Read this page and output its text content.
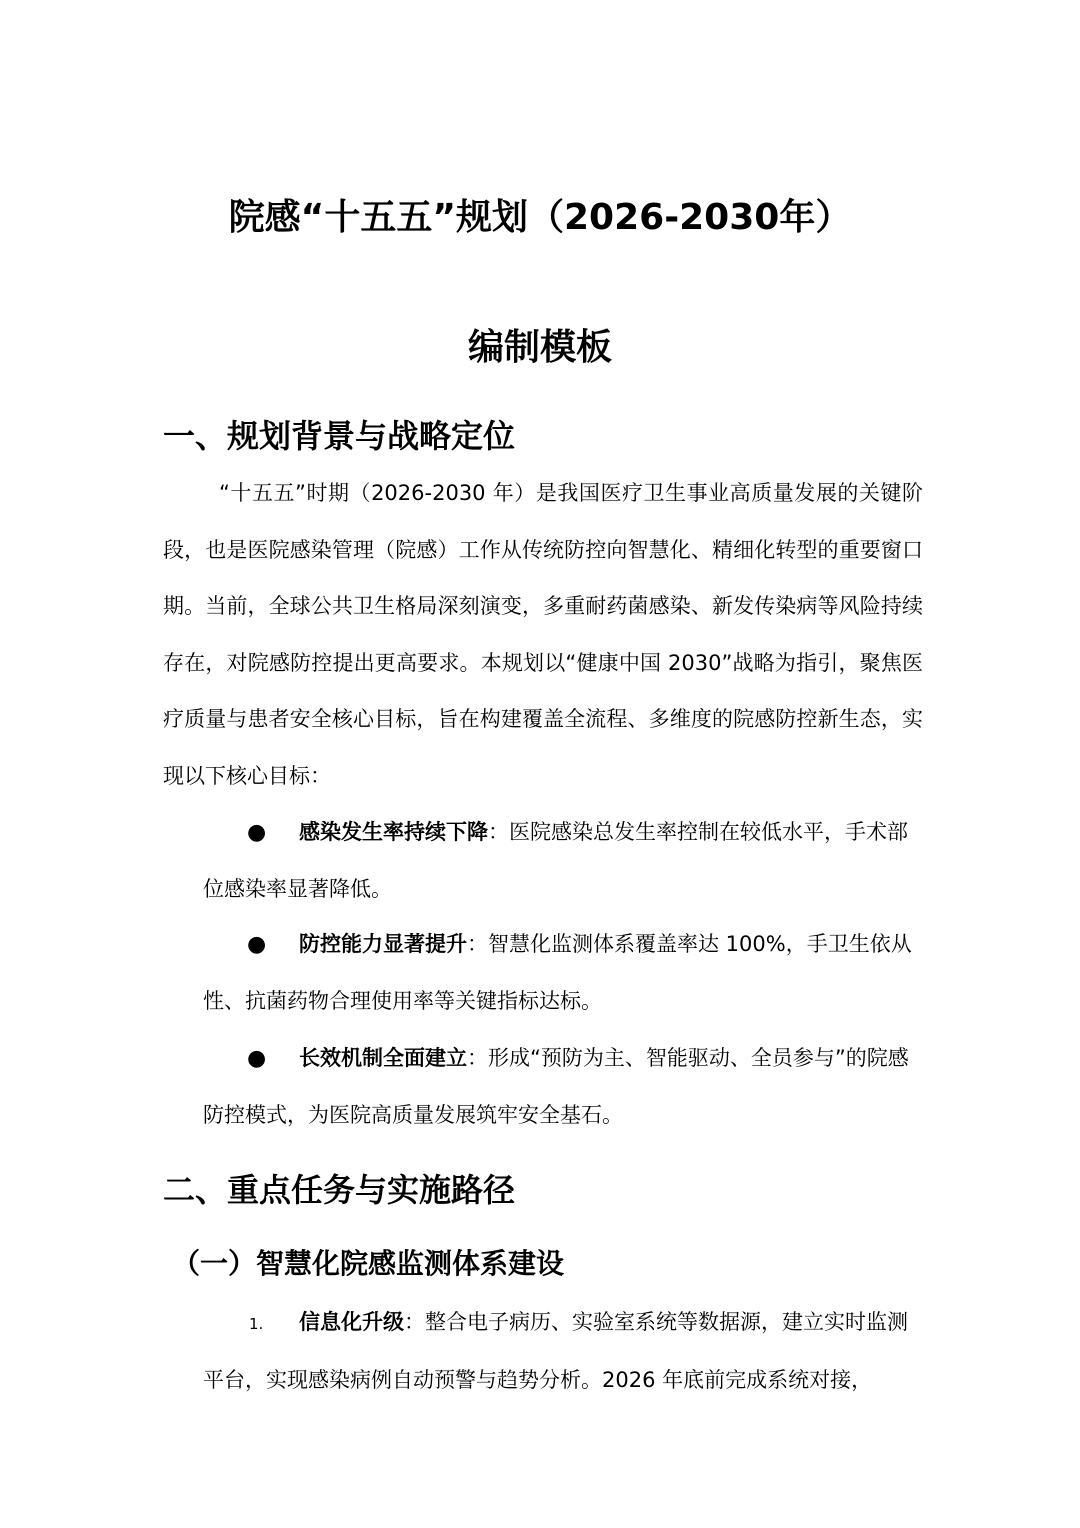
院感“十五五”规划（2026-2030年）
编制模板
一、规划背景与战略定位

“十五五”时期（2026-2030 年）是我国医疗卫生事业高质量发展的关键阶段，也是医院感染管理（院感）工作从传统防控向智慧化、精细化转型的重要窗口期。当前，全球公共卫生格局深刻演变，多重耐药菌感染、新发传染病等风险持续存在，对院感防控提出更高要求。本规划以“健康中国 2030”战略为指引，聚焦医疗质量与患者安全核心目标，旨在构建覆盖全流程、多维度的院感防控新生态，实现以下核心目标：

● 感染发生率持续下降：医院感染总发生率控制在较低水平，手术部位感染率显著降低。

● 防控能力显著提升：智慧化监测体系覆盖率达 100%，手卫生依从性、抗菌药物合理使用率等关键指标达标。

● 长效机制全面建立：形成“预防为主、智能驱动、全员参与”的院感防控模式，为医院高质量发展筑牢安全基石。

二、重点任务与实施路径
（一）智慧化院感监测体系建设

1. 信息化升级：整合电子病历、实验室系统等数据源，建立实时监测平台，实现感染病例自动预警与趋势分析。2026 年底前完成系统对接，
